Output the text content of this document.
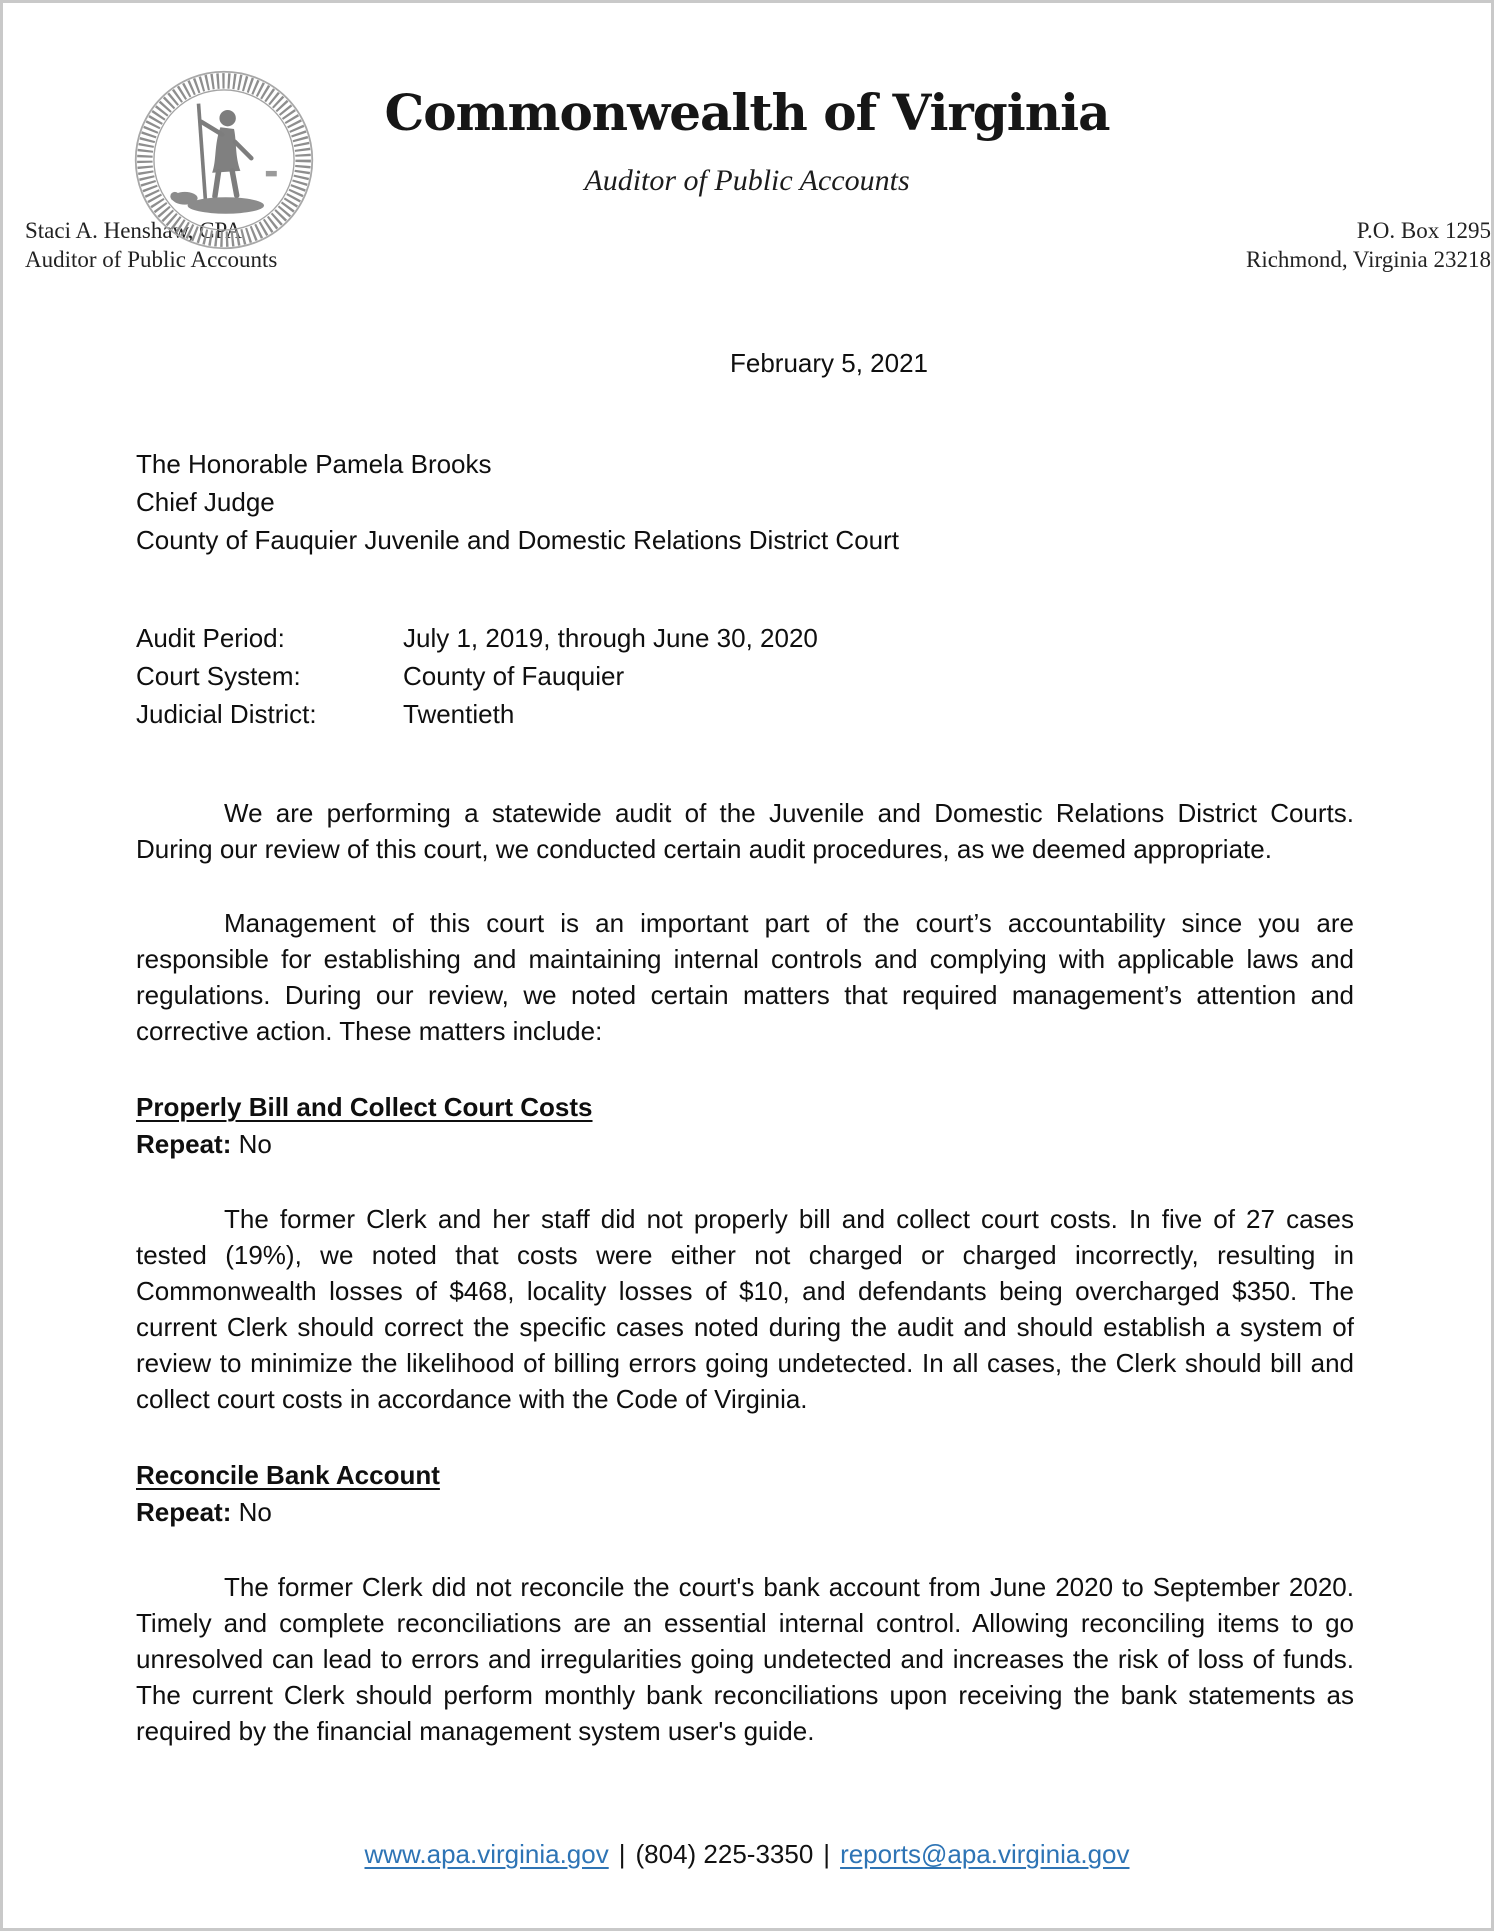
Commonwealth of Virginia
Auditor of Public Accounts
Staci A. Henshaw, CPA
Auditor of Public Accounts
P.O. Box 1295
Richmond, Virginia 23218
February 5, 2021
The Honorable Pamela Brooks
Chief Judge
County of Fauquier Juvenile and Domestic Relations District Court
Audit Period:	July 1, 2019, through June 30, 2020
Court System:	County of Fauquier
Judicial District:	Twentieth

We are performing a statewide audit of the Juvenile and Domestic Relations District Courts. During our review of this court, we conducted certain audit procedures, as we deemed appropriate.

Management of this court is an important part of the court’s accountability since you are responsible for establishing and maintaining internal controls and complying with applicable laws and regulations. During our review, we noted certain matters that required management’s attention and corrective action. These matters include:

Properly Bill and Collect Court Costs
Repeat: No

The former Clerk and her staff did not properly bill and collect court costs. In five of 27 cases tested (19%), we noted that costs were either not charged or charged incorrectly, resulting in Commonwealth losses of $468, locality losses of $10, and defendants being overcharged $350. The current Clerk should correct the specific cases noted during the audit and should establish a system of review to minimize the likelihood of billing errors going undetected. In all cases, the Clerk should bill and collect court costs in accordance with the Code of Virginia.

Reconcile Bank Account
Repeat: No

The former Clerk did not reconcile the court's bank account from June 2020 to September 2020. Timely and complete reconciliations are an essential internal control. Allowing reconciling items to go unresolved can lead to errors and irregularities going undetected and increases the risk of loss of funds. The current Clerk should perform monthly bank reconciliations upon receiving the bank statements as required by the financial management system user's guide.

www.apa.virginia.gov | (804) 225-3350 | reports@apa.virginia.gov
